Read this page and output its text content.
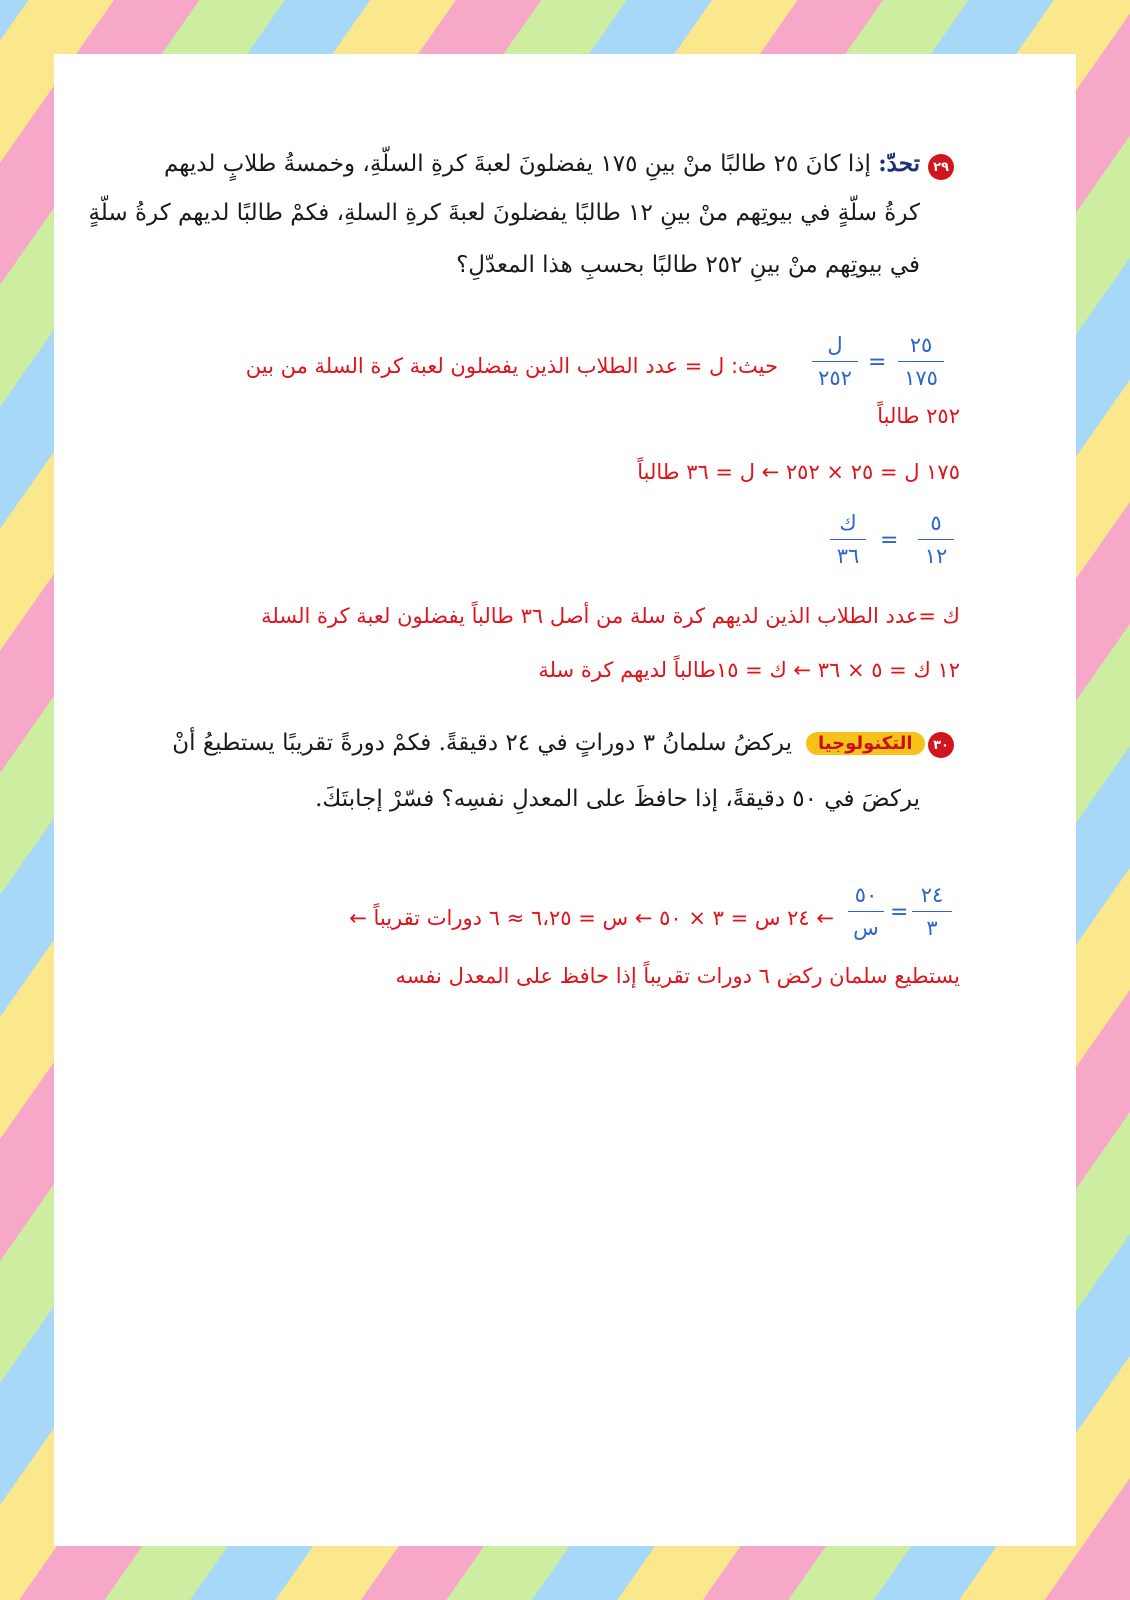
٢٩
تحدّ: إذا كانَ ٢٥ طالبًا منْ بينِ ١٧٥ يفضلونَ لعبةَ كرةِ السلّةِ، وخمسةُ طلابٍ لديهم
كرةُ سلّةٍ في بيوتِهم منْ بينِ ١٢ طالبًا يفضلونَ لعبةَ كرةِ السلةِ، فكمْ طالبًا لديهم كرةُ سلّةٍ
في بيوتِهم منْ بينِ ٢٥٢ طالبًا بحسبِ هذا المعدّلِ؟
٢٥
١٧٥
=
ل
٢٥٢
حيث: ل = عدد الطلاب الذين يفضلون لعبة كرة السلة من بين
٢٥٢ طالباً
١٧٥ ل = ٢٥ × ٢٥٢ ← ل = ٣٦ طالباً
٥
١٢
=
ك
٣٦
ك =عدد الطلاب الذين لديهم كرة سلة من أصل ٣٦ طالباً يفضلون لعبة كرة السلة
١٢ ك = ٥ × ٣٦ ← ك = ١٥طالباً لديهم كرة سلة
٣٠
التكنولوجيا
يركضُ سلمانُ ٣ دوراتٍ في ٢٤ دقيقةً. فكمْ دورةً تقريبًا يستطيعُ أنْ
يركضَ في ٥٠ دقيقةً، إذا حافظَ على المعدلِ نفسِه؟ فسّرْ إجابتَكَ.
٢٤
٣
=
٥٠
س
← ٢٤ س = ٣ × ٥٠ ← س = ٦،٢٥ ≈ ٦ دورات تقريباً ←
يستطيع سلمان ركض ٦ دورات تقريباً إذا حافظ على المعدل نفسه
